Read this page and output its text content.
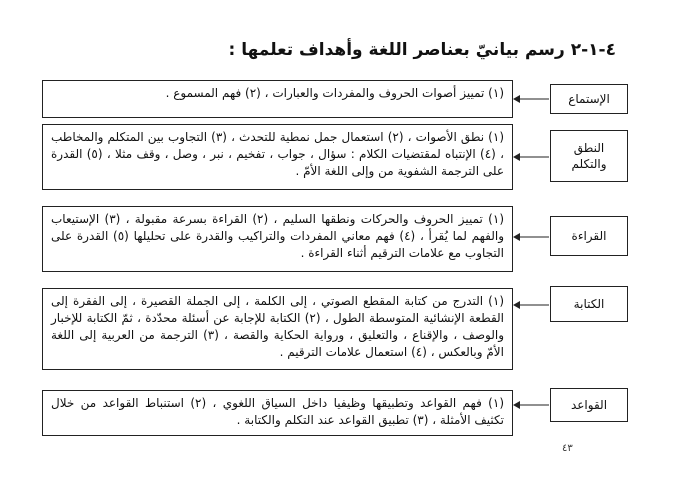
٤-١-٢ رسم بيانيّ بعناصر اللغة وأهداف تعلمها :
(١) تمييز أصوات الحروف والمفردات والعبارات ، (٢) فهم المسموع .	الإستماع
(١) نطق الأصوات ، (٢) استعمال جمل نمطية للتحدث ، (٣) التجاوب بين المتكلم والمخاطب ، (٤) الإنتباه لمقتضيات الكلام : سؤال ، جواب ، تفخيم ، نبر ، وصل ، وقف مثلا ، (٥) القدرة على الترجمة الشفوية من وإلى اللغة الأمّ .
النطق والتكلم
(١) تمييز الحروف والحركات ونطقها السليم ، (٢) القراءة بسرعة مقبولة ، (٣) الإستيعاب والفهم لما يُقرأ ، (٤) فهم معاني المفردات والتراكيب والقدرة على تحليلها (٥) القدرة على التجاوب مع علامات الترقيم أثناء القراءة .
القراءة
(١) التدرج من كتابة المقطع الصوتي ، إلى الكلمة ، إلى الجملة القصيرة ، إلى الفقرة إلى القطعة الإنشائية المتوسطة الطول ، (٢) الكتابة للإجابة عن أسئلة محدّدة ، ثمّ الكتابة للإخبار والوصف ، والإقناع ، والتعليق ، ورواية الحكاية والقصة ، (٣) الترجمة من العربية إلى اللغة الأمّ وبالعكس ، (٤) استعمال علامات الترقيم .
الكتابة
(١) فهم القواعد وتطبيقها وظيفيا داخل السياق اللغوي ، (٢) استنباط القواعد من خلال تكثيف الأمثلة ، (٣) تطبيق القواعد عند التكلم والكتابة .
القواعد
٤٣
